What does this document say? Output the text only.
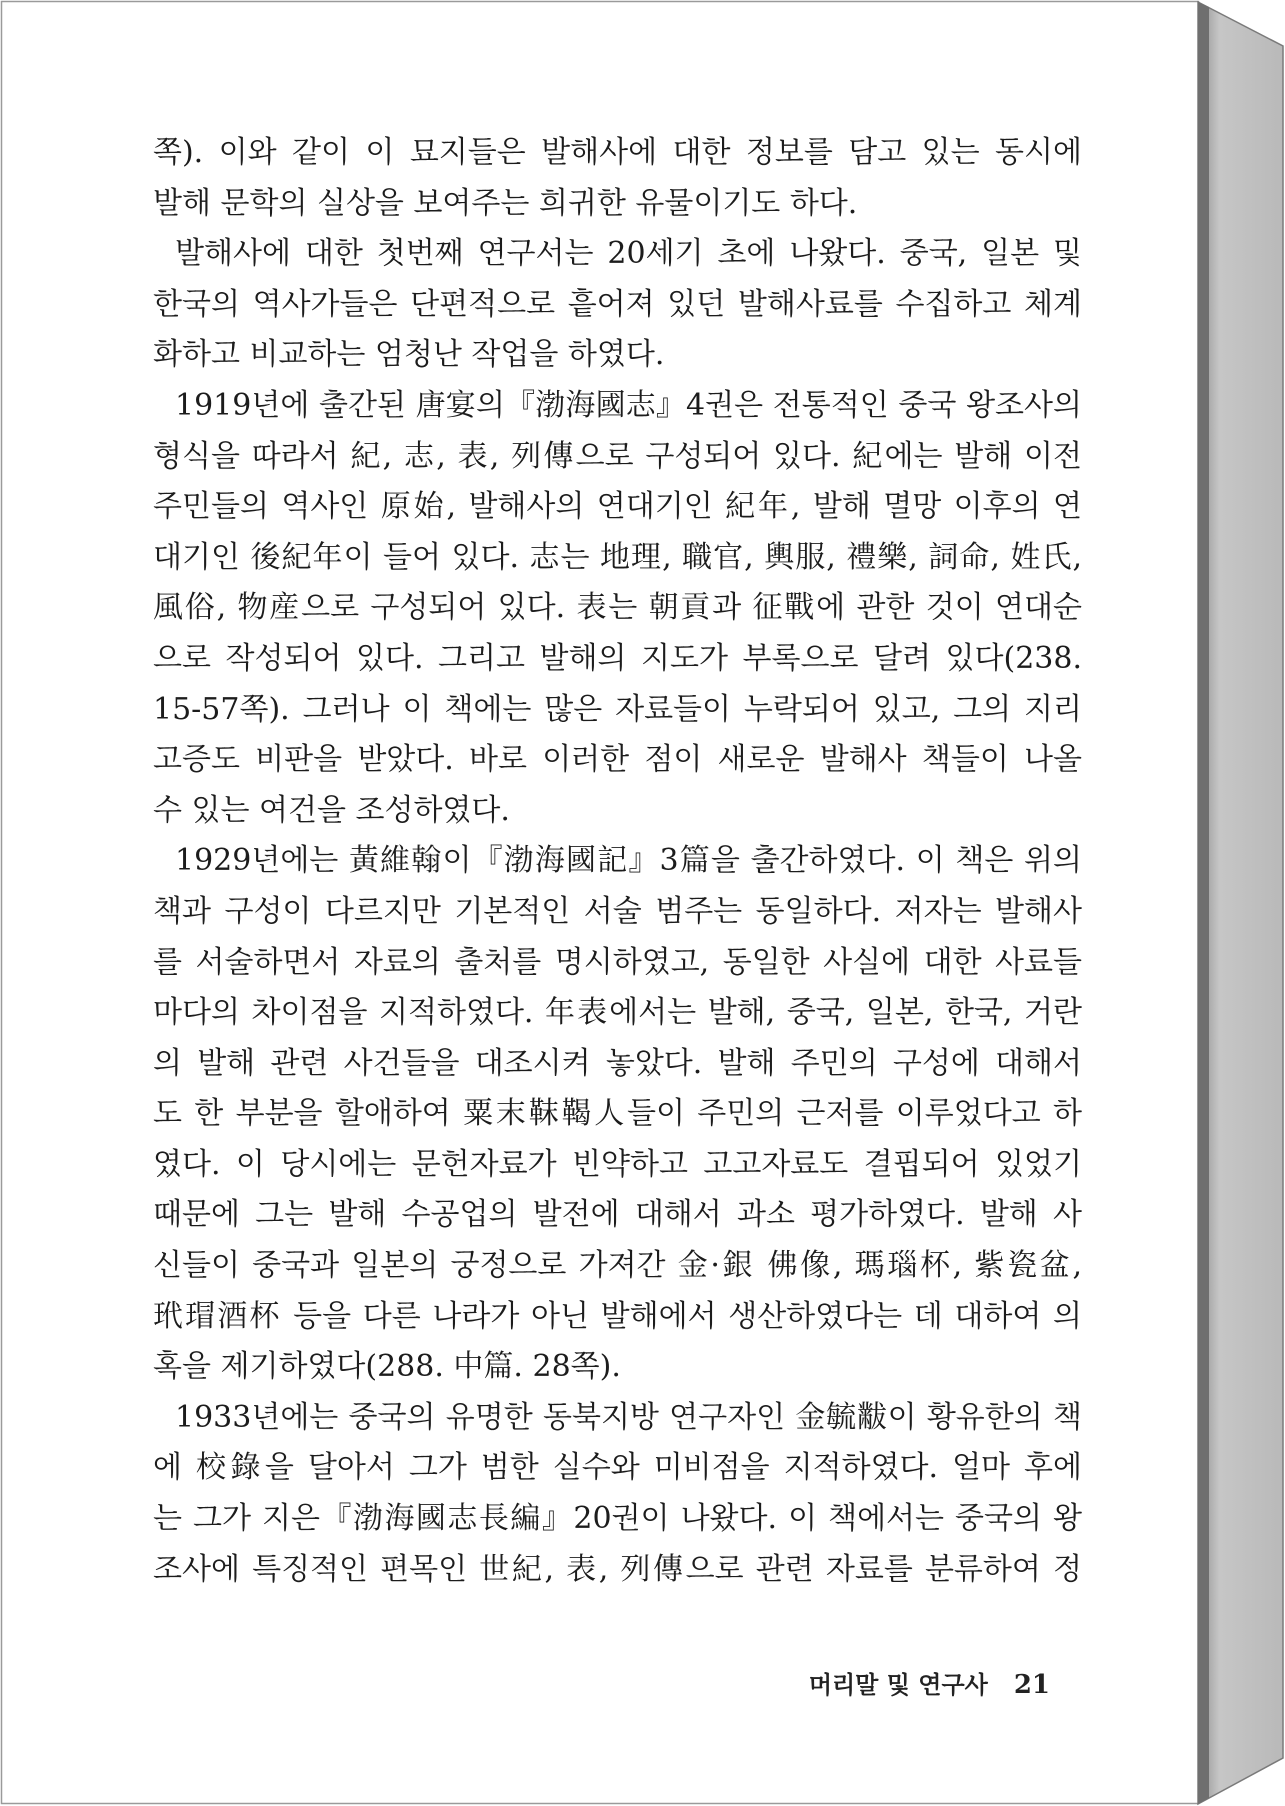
쪽). 이와 같이 이 묘지들은 발해사에 대한 정보를 담고 있는 동시에
발해 문학의 실상을 보여주는 희귀한 유물이기도 하다.
발해사에 대한 첫번째 연구서는 20세기 초에 나왔다. 중국, 일본 및
한국의 역사가들은 단편적으로 흩어져 있던 발해사료를 수집하고 체계
화하고 비교하는 엄청난 작업을 하였다.
1919년에 출간된 唐宴의『渤海國志』4권은 전통적인 중국 왕조사의
형식을 따라서 紀, 志, 表, 列傳으로 구성되어 있다. 紀에는 발해 이전
주민들의 역사인 原始, 발해사의 연대기인 紀年, 발해 멸망 이후의 연
대기인 後紀年이 들어 있다. 志는 地理, 職官, 輿服, 禮樂, 詞命, 姓氏,
風俗, 物産으로 구성되어 있다. 表는 朝貢과 征戰에 관한 것이 연대순
으로 작성되어 있다. 그리고 발해의 지도가 부록으로 달려 있다(238.
15-57쪽). 그러나 이 책에는 많은 자료들이 누락되어 있고, 그의 지리
고증도 비판을 받았다. 바로 이러한 점이 새로운 발해사 책들이 나올
수 있는 여건을 조성하였다.
1929년에는 黃維翰이『渤海國記』3篇을 출간하였다. 이 책은 위의
책과 구성이 다르지만 기본적인 서술 범주는 동일하다. 저자는 발해사
를 서술하면서 자료의 출처를 명시하였고, 동일한 사실에 대한 사료들
마다의 차이점을 지적하였다. 年表에서는 발해, 중국, 일본, 한국, 거란
의 발해 관련 사건들을 대조시켜 놓았다. 발해 주민의 구성에 대해서
도 한 부분을 할애하여 粟末靺鞨人들이 주민의 근저를 이루었다고 하
였다. 이 당시에는 문헌자료가 빈약하고 고고자료도 결핍되어 있었기
때문에 그는 발해 수공업의 발전에 대해서 과소 평가하였다. 발해 사
신들이 중국과 일본의 궁정으로 가져간 金·銀 佛像, 瑪瑙杯, 紫瓷盆,
玳瑁酒杯 등을 다른 나라가 아닌 발해에서 생산하였다는 데 대하여 의
혹을 제기하였다(288. 中篇. 28쪽).
1933년에는 중국의 유명한 동북지방 연구자인 金毓黻이 황유한의 책
에 校錄을 달아서 그가 범한 실수와 미비점을 지적하였다. 얼마 후에
는 그가 지은『渤海國志長編』20권이 나왔다. 이 책에서는 중국의 왕
조사에 특징적인 편목인 世紀, 表, 列傳으로 관련 자료를 분류하여 정
머리말 및 연구사 21
